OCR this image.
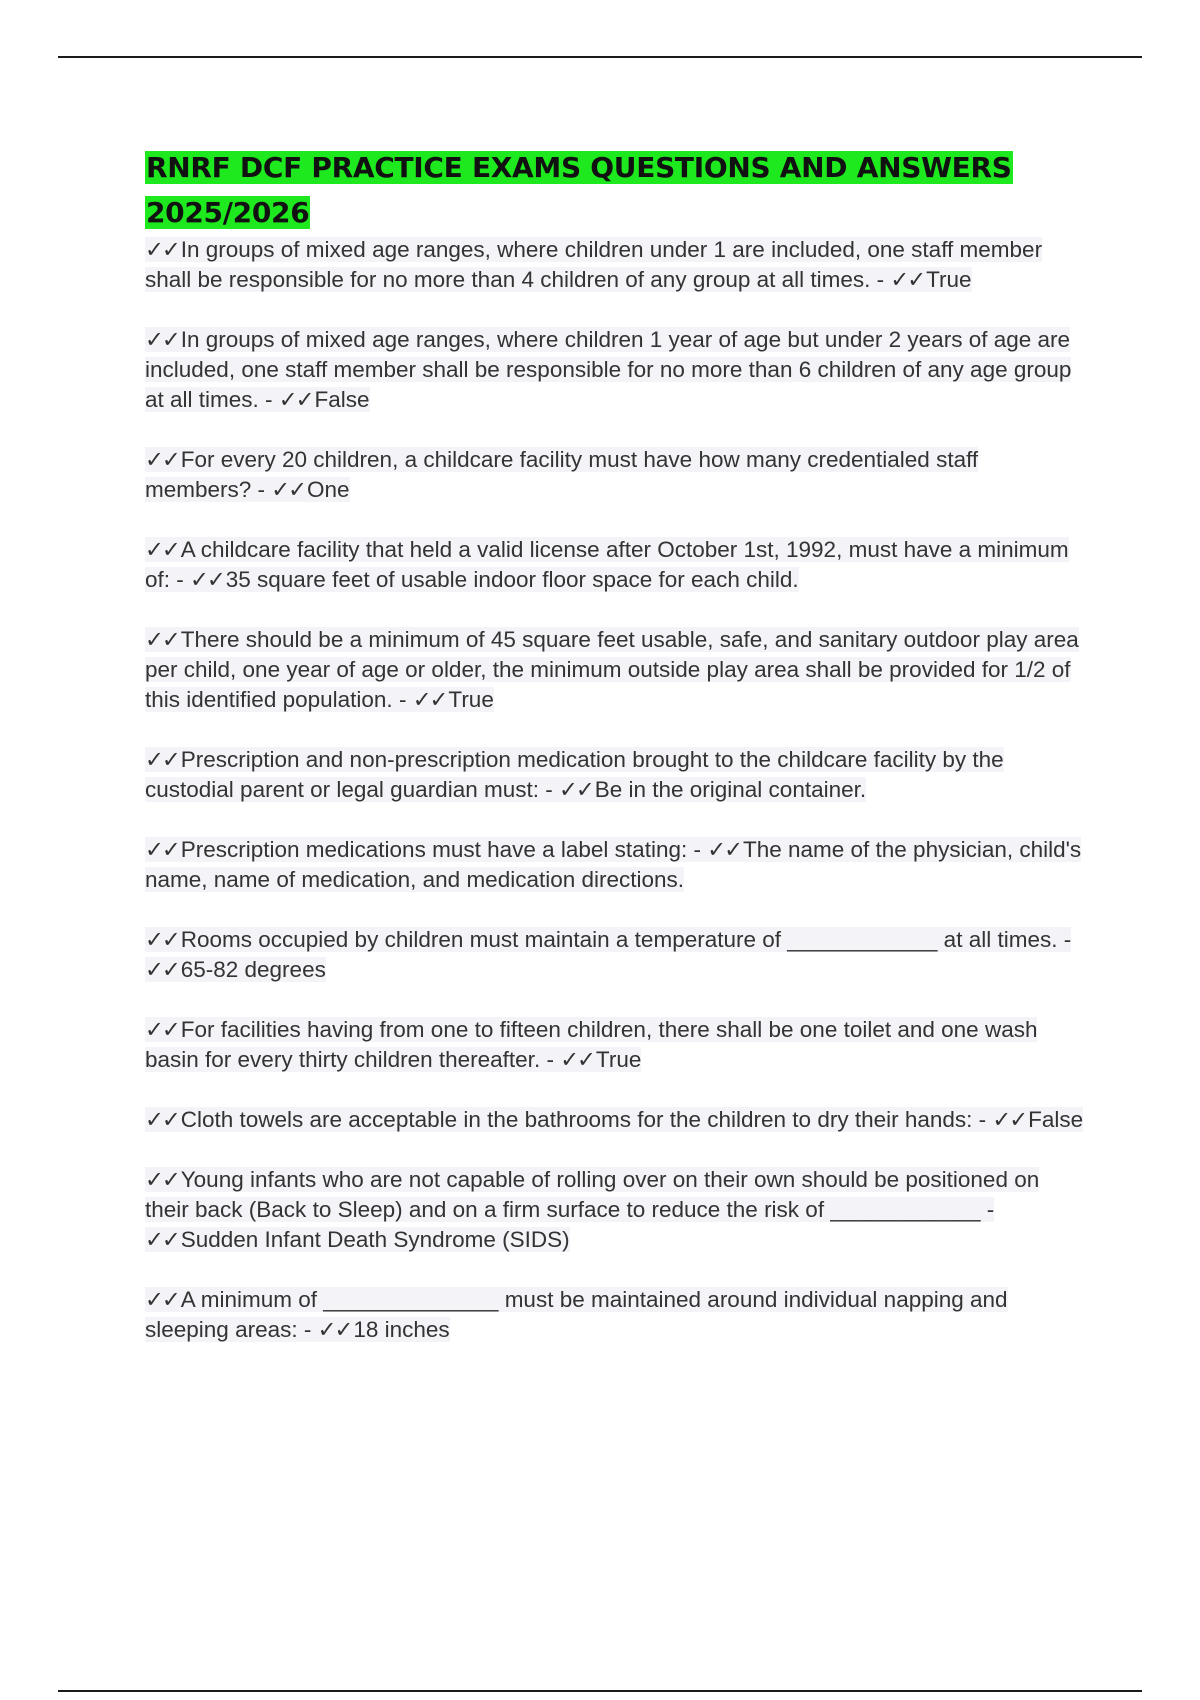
RNRF DCF PRACTICE EXAMS QUESTIONS AND ANSWERS 2025/2026

✓✓In groups of mixed age ranges, where children under 1 are included, one staff member shall be responsible for no more than 4 children of any group at all times. - ✓✓True

✓✓In groups of mixed age ranges, where children 1 year of age but under 2 years of age are included, one staff member shall be responsible for no more than 6 children of any age group at all times. - ✓✓False

✓✓For every 20 children, a childcare facility must have how many credentialed staff members? - ✓✓One

✓✓A childcare facility that held a valid license after October 1st, 1992, must have a minimum of: - ✓✓35 square feet of usable indoor floor space for each child.

✓✓There should be a minimum of 45 square feet usable, safe, and sanitary outdoor play area per child, one year of age or older, the minimum outside play area shall be provided for 1/2 of this identified population. - ✓✓True

✓✓Prescription and non-prescription medication brought to the childcare facility by the custodial parent or legal guardian must: - ✓✓Be in the original container.

✓✓Prescription medications must have a label stating: - ✓✓The name of the physician, child's name, name of medication, and medication directions.

✓✓Rooms occupied by children must maintain a temperature of ____________ at all times. - ✓✓65-82 degrees

✓✓For facilities having from one to fifteen children, there shall be one toilet and one wash basin for every thirty children thereafter. - ✓✓True

✓✓Cloth towels are acceptable in the bathrooms for the children to dry their hands: - ✓✓False

✓✓Young infants who are not capable of rolling over on their own should be positioned on their back (Back to Sleep) and on a firm surface to reduce the risk of ____________ - ✓✓Sudden Infant Death Syndrome (SIDS)

✓✓A minimum of ______________ must be maintained around individual napping and sleeping areas: - ✓✓18 inches
